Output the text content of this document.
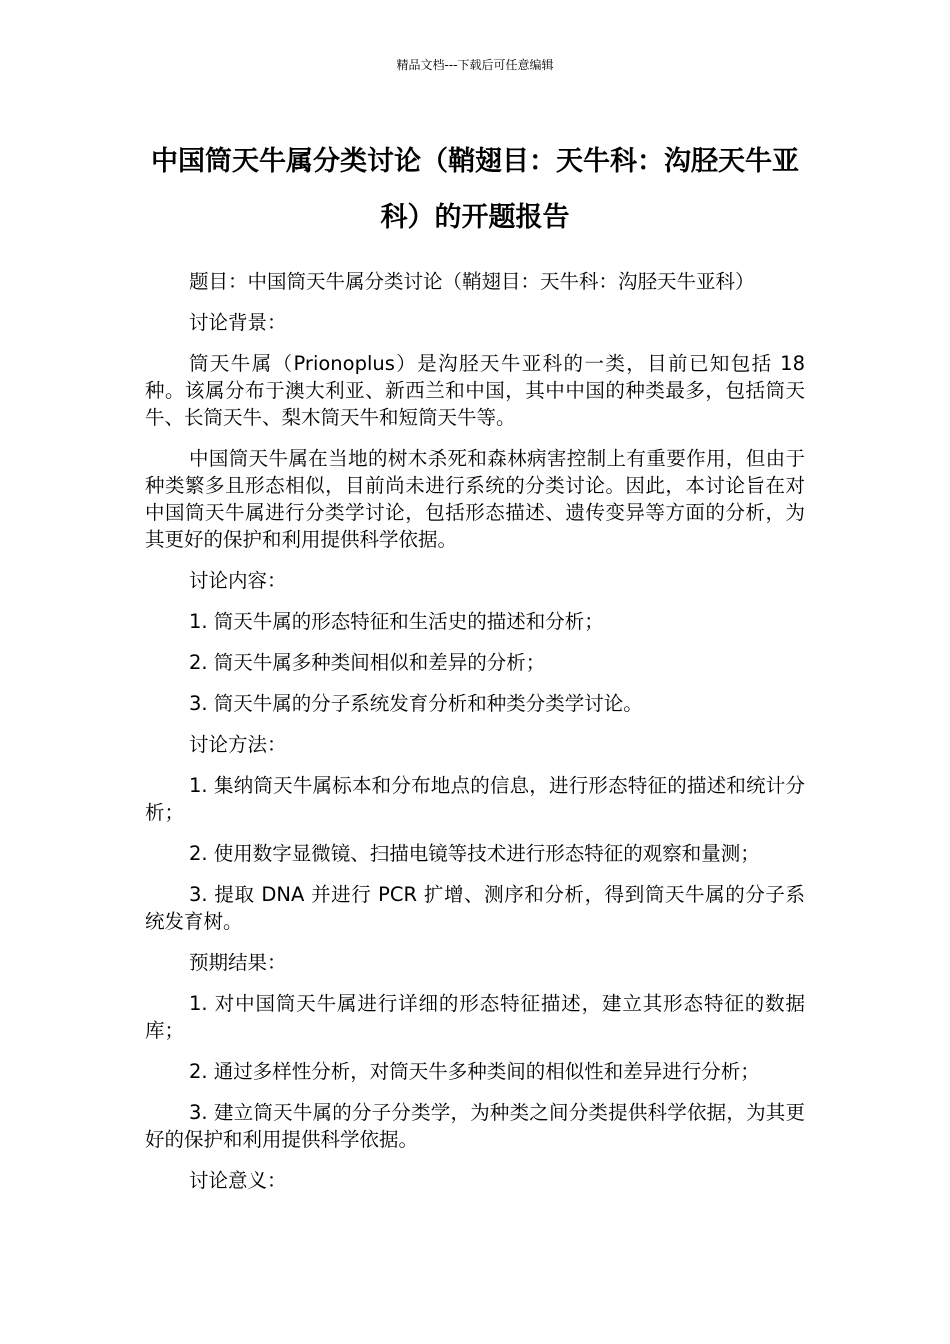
精品文档---下载后可任意编辑
中国筒天牛属分类讨论（鞘翅目：天牛科：沟胫天牛亚科）的开题报告

题目：中国筒天牛属分类讨论（鞘翅目：天牛科：沟胫天牛亚科）

讨论背景：

筒天牛属（Prionoplus）是沟胫天牛亚科的一类，目前已知包括 18 种。该属分布于澳大利亚、新西兰和中国，其中中国的种类最多，包括筒天牛、长筒天牛、梨木筒天牛和短筒天牛等。

中国筒天牛属在当地的树木杀死和森林病害控制上有重要作用，但由于种类繁多且形态相似，目前尚未进行系统的分类讨论。因此，本讨论旨在对中国筒天牛属进行分类学讨论，包括形态描述、遗传变异等方面的分析，为其更好的保护和利用提供科学依据。

讨论内容：

1. 筒天牛属的形态特征和生活史的描述和分析；

2. 筒天牛属多种类间相似和差异的分析；

3. 筒天牛属的分子系统发育分析和种类分类学讨论。

讨论方法：

1. 集纳筒天牛属标本和分布地点的信息，进行形态特征的描述和统计分析；

2. 使用数字显微镜、扫描电镜等技术进行形态特征的观察和量测；

3. 提取 DNA 并进行 PCR 扩增、测序和分析，得到筒天牛属的分子系统发育树。

预期结果：

1. 对中国筒天牛属进行详细的形态特征描述，建立其形态特征的数据库；

2. 通过多样性分析，对筒天牛多种类间的相似性和差异进行分析；

3. 建立筒天牛属的分子分类学，为种类之间分类提供科学依据，为其更好的保护和利用提供科学依据。

讨论意义：
